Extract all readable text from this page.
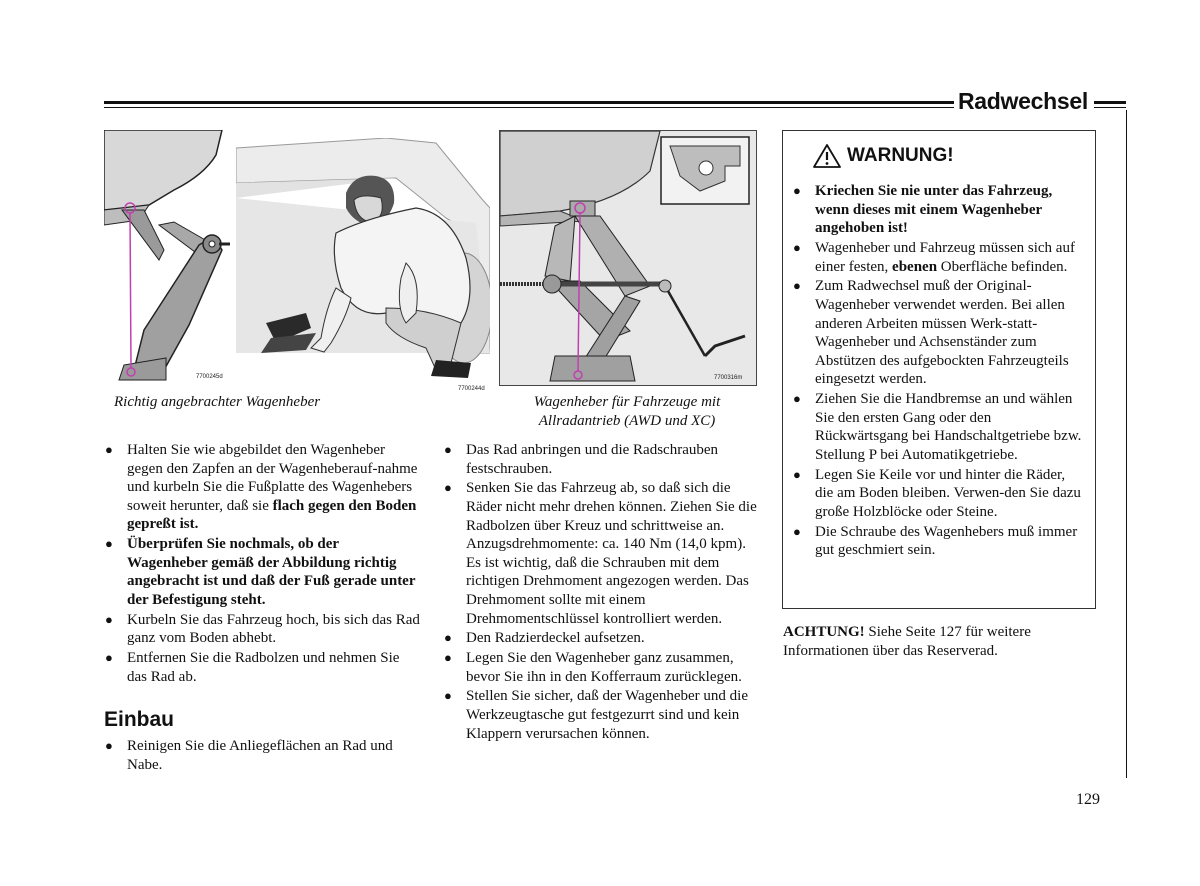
Radwechsel
7700245d
7700244d
Richtig angebrachter Wagenheber
7700316m
Wagenheber für Fahrzeuge mit
Allradantrieb (AWD und XC)
● Halten Sie wie abgebildet den Wagenheber gegen den Zapfen an der Wagenheberauf-nahme und kurbeln Sie die Fußplatte des Wagenhebers soweit herunter, daß sie flach gegen den Boden gepreßt ist.
● Überprüfen Sie nochmals, ob der Wagenheber gemäß der Abbildung richtig angebracht ist und daß der Fuß gerade unter der Befestigung steht.
● Kurbeln Sie das Fahrzeug hoch, bis sich das Rad ganz vom Boden abhebt.
● Entfernen Sie die Radbolzen und nehmen Sie das Rad ab.
Einbau
● Reinigen Sie die Anliegeflächen an Rad und Nabe.
● Das Rad anbringen und die Radschrauben festschrauben.
● Senken Sie das Fahrzeug ab, so daß sich die Räder nicht mehr drehen können. Ziehen Sie die Radbolzen über Kreuz und schrittweise an. Anzugsdrehmomente: ca. 140 Nm (14,0 kpm). Es ist wichtig, daß die Schrauben mit dem richtigen Drehmoment angezogen werden. Das Drehmoment sollte mit einem Drehmomentschlüssel kontrolliert werden.
● Den Radzierdeckel aufsetzen.
● Legen Sie den Wagenheber ganz zusammen, bevor Sie ihn in den Kofferraum zurücklegen.
● Stellen Sie sicher, daß der Wagenheber und die Werkzeugtasche gut festgezurrt sind und kein Klappern verursachen können.
WARNUNG!
● Kriechen Sie nie unter das Fahrzeug, wenn dieses mit einem Wagenheber angehoben ist!
● Wagenheber und Fahrzeug müssen sich auf einer festen, ebenen Oberfläche befinden.
● Zum Radwechsel muß der Original-Wagenheber verwendet werden. Bei allen anderen Arbeiten müssen Werk-statt-Wagenheber und Achsenständer zum Abstützen des aufgebockten Fahrzeugteils eingesetzt werden.
● Ziehen Sie die Handbremse an und wählen Sie den ersten Gang oder den Rückwärtsgang bei Handschaltgetriebe bzw. Stellung P bei Automatikgetriebe.
● Legen Sie Keile vor und hinter die Räder, die am Boden bleiben. Verwen-den Sie dazu große Holzblöcke oder Steine.
● Die Schraube des Wagenhebers muß immer gut geschmiert sein.
ACHTUNG! Siehe Seite 127 für weitere Informationen über das Reserverad.
129
